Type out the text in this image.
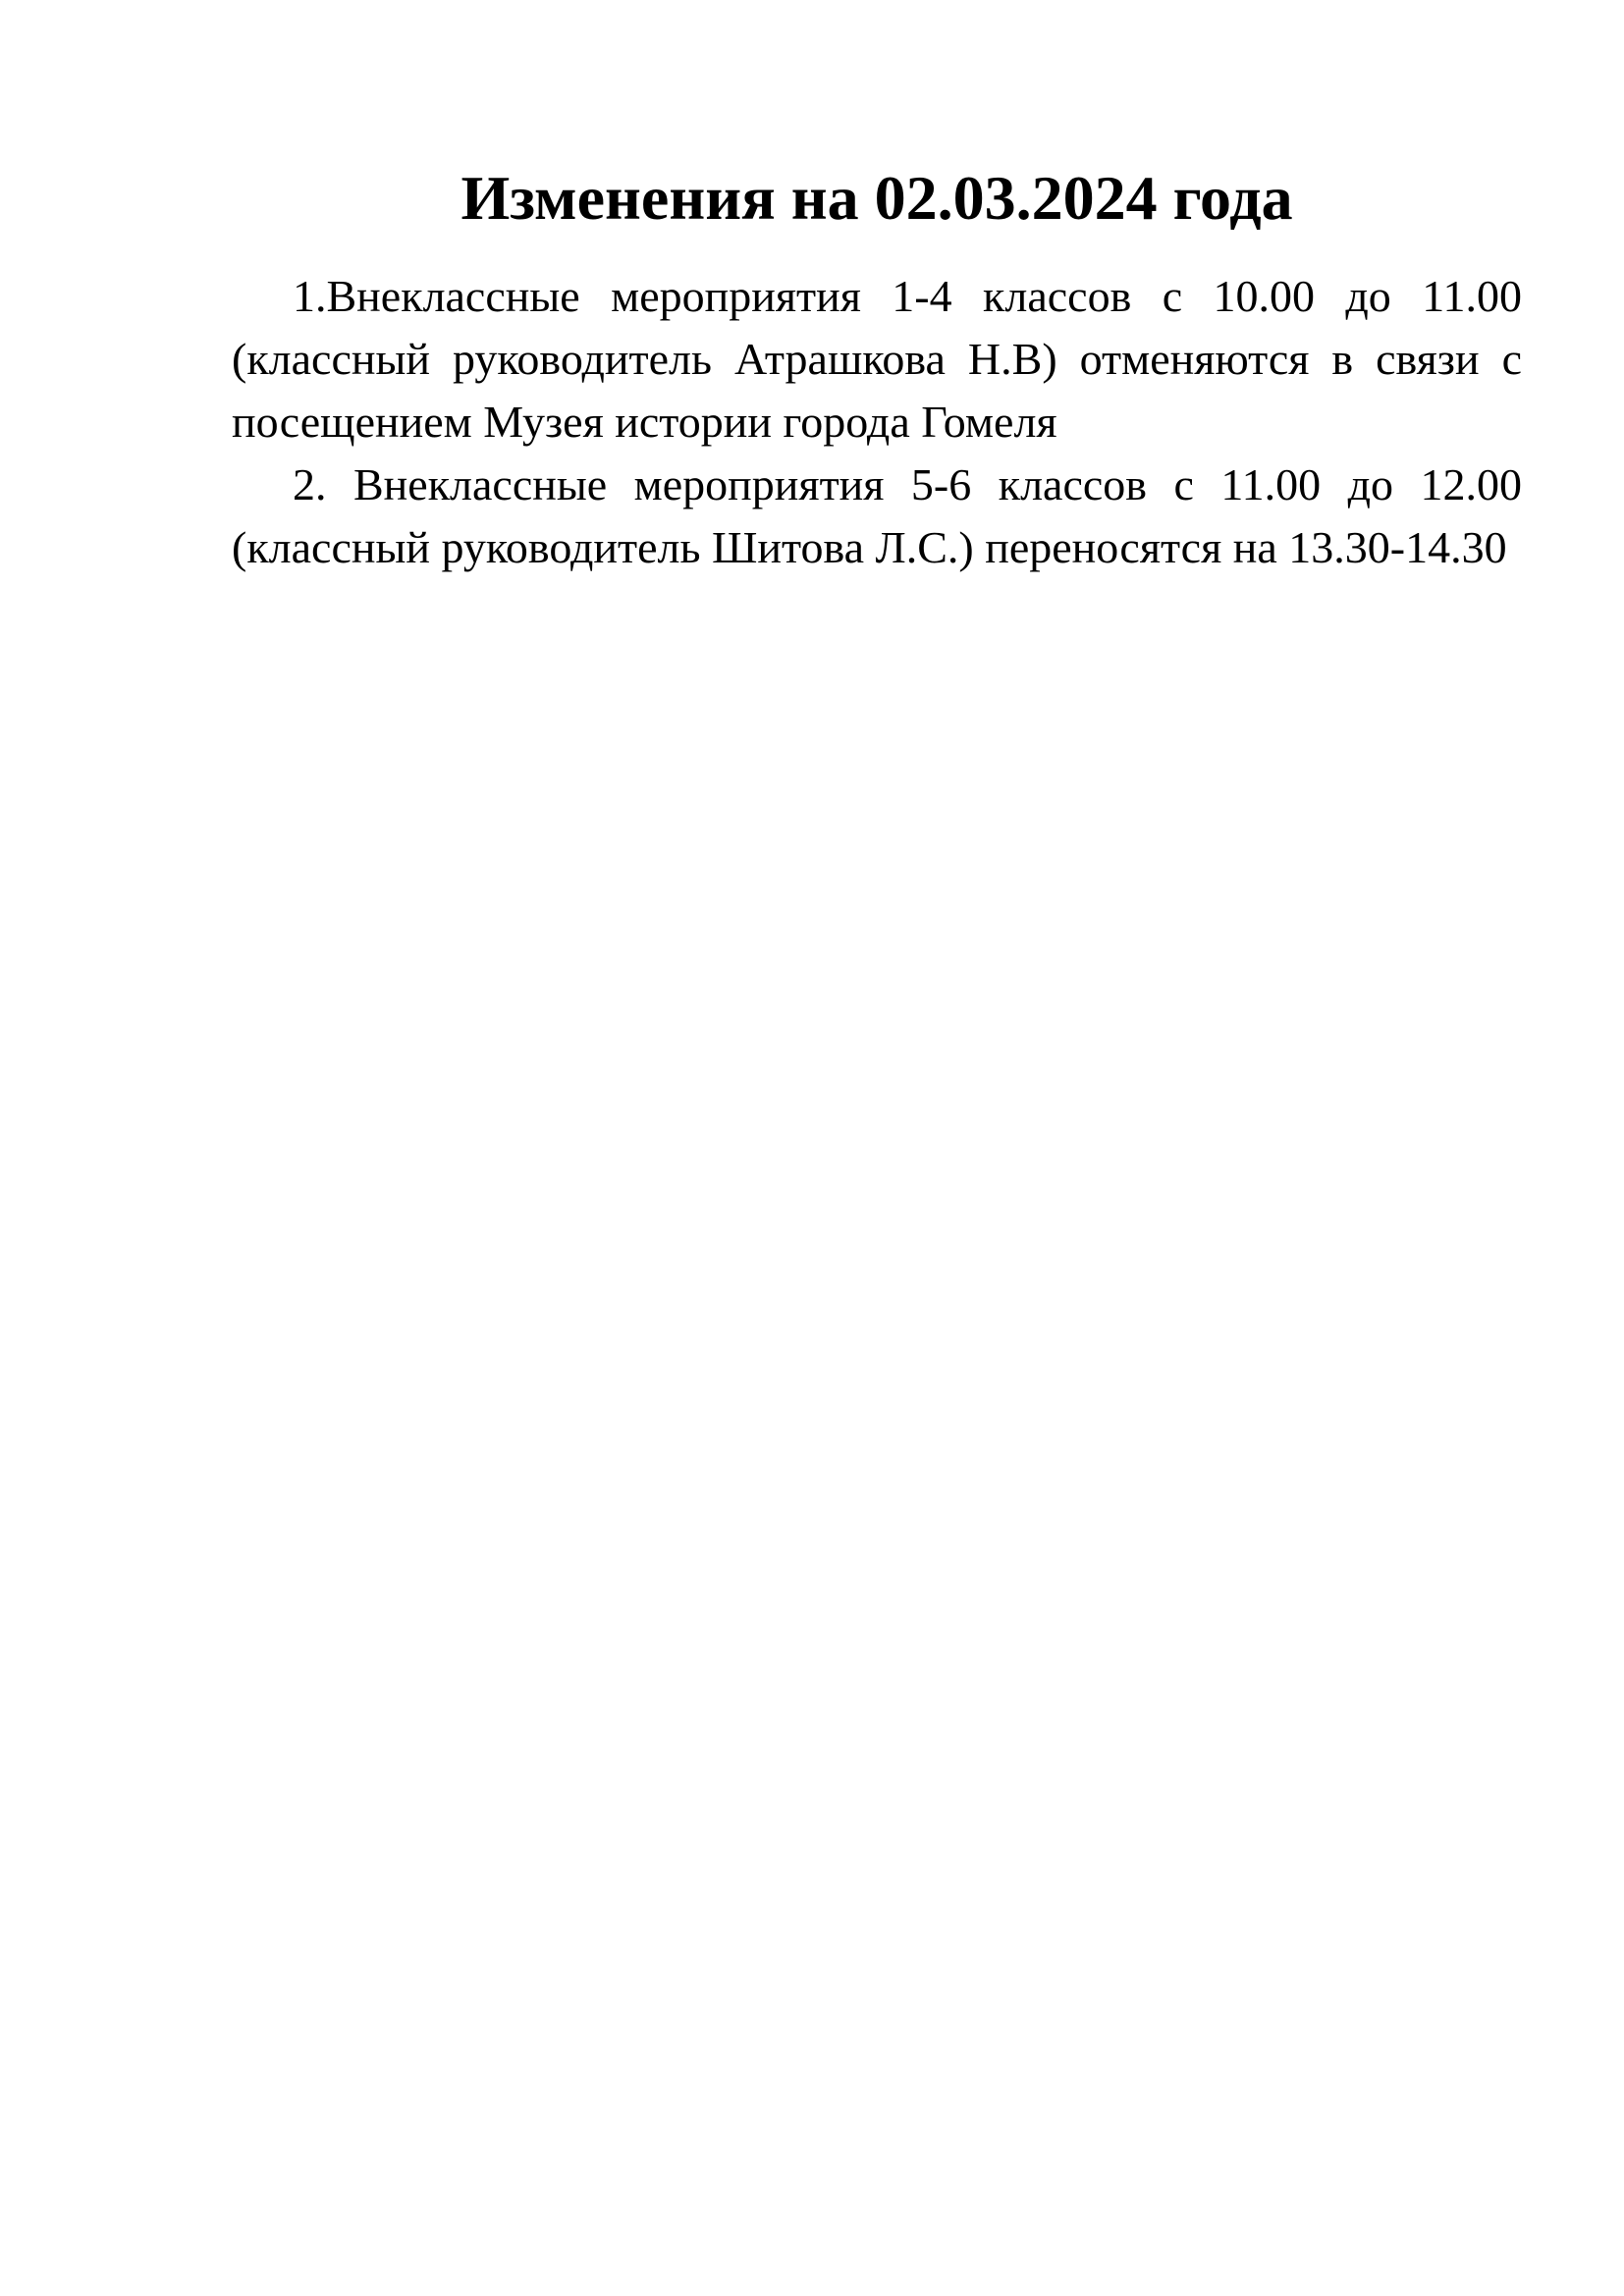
Изменения на 02.03.2024 года

1.Внеклассные мероприятия 1-4 классов с 10.00 до 11.00 (классный руководитель Атрашкова Н.В) отменяются в связи с посещением Музея истории города Гомеля

2. Внеклассные мероприятия 5-6 классов с 11.00 до 12.00 (классный руководитель Шитова Л.С.) переносятся на 13.30-14.30
